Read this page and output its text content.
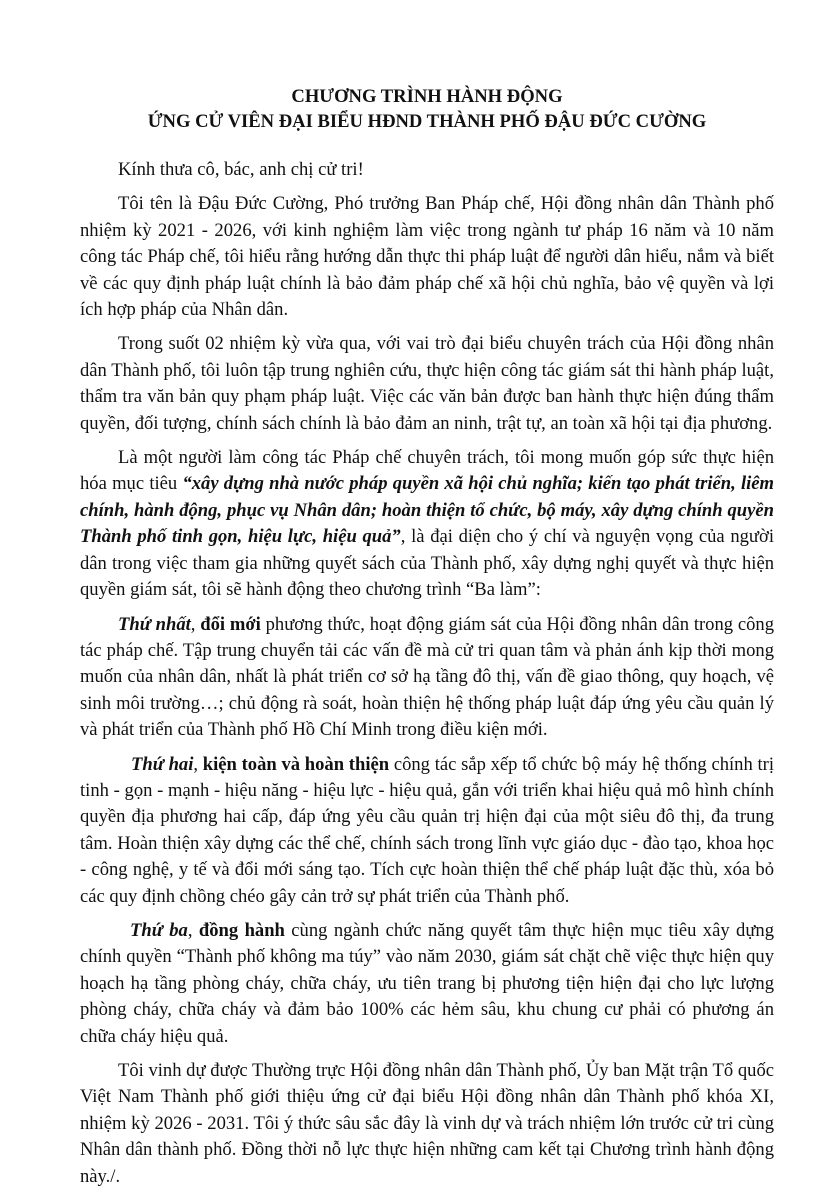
CHƯƠNG TRÌNH HÀNH ĐỘNG
ỨNG CỬ VIÊN ĐẠI BIỂU HĐND THÀNH PHỐ ĐẬU ĐỨC CƯỜNG

Kính thưa cô, bác, anh chị cử tri!

Tôi tên là Đậu Đức Cường, Phó trưởng Ban Pháp chế, Hội đồng nhân dân Thành phố nhiệm kỳ 2021 - 2026, với kinh nghiệm làm việc trong ngành tư pháp 16 năm và 10 năm công tác Pháp chế, tôi hiểu rằng hướng dẫn thực thi pháp luật để người dân hiểu, nắm và biết về các quy định pháp luật chính là bảo đảm pháp chế xã hội chủ nghĩa, bảo vệ quyền và lợi ích hợp pháp của Nhân dân.

Trong suốt 02 nhiệm kỳ vừa qua, với vai trò đại biểu chuyên trách của Hội đồng nhân dân Thành phố, tôi luôn tập trung nghiên cứu, thực hiện công tác giám sát thi hành pháp luật, thẩm tra văn bản quy phạm pháp luật. Việc các văn bản được ban hành thực hiện đúng thẩm quyền, đối tượng, chính sách chính là bảo đảm an ninh, trật tự, an toàn xã hội tại địa phương.

Là một người làm công tác Pháp chế chuyên trách, tôi mong muốn góp sức thực hiện hóa mục tiêu “xây dựng nhà nước pháp quyền xã hội chủ nghĩa; kiến tạo phát triển, liêm chính, hành động, phục vụ Nhân dân; hoàn thiện tổ chức, bộ máy, xây dựng chính quyền Thành phố tinh gọn, hiệu lực, hiệu quả”, là đại diện cho ý chí và nguyện vọng của người dân trong việc tham gia những quyết sách của Thành phố, xây dựng nghị quyết và thực hiện quyền giám sát, tôi sẽ hành động theo chương trình “Ba làm”:

Thứ nhất, đổi mới phương thức, hoạt động giám sát của Hội đồng nhân dân trong công tác pháp chế. Tập trung chuyển tải các vấn đề mà cử tri quan tâm và phản ánh kịp thời mong muốn của nhân dân, nhất là phát triển cơ sở hạ tầng đô thị, vấn đề giao thông, quy hoạch, vệ sinh môi trường…; chủ động rà soát, hoàn thiện hệ thống pháp luật đáp ứng yêu cầu quản lý và phát triển của Thành phố Hồ Chí Minh trong điều kiện mới.

Thứ hai, kiện toàn và hoàn thiện công tác sắp xếp tổ chức bộ máy hệ thống chính trị tinh - gọn - mạnh - hiệu năng - hiệu lực - hiệu quả, gắn với triển khai hiệu quả mô hình chính quyền địa phương hai cấp, đáp ứng yêu cầu quản trị hiện đại của một siêu đô thị, đa trung tâm. Hoàn thiện xây dựng các thể chế, chính sách trong lĩnh vực giáo dục - đào tạo, khoa học - công nghệ, y tế và đổi mới sáng tạo. Tích cực hoàn thiện thể chế pháp luật đặc thù, xóa bỏ các quy định chồng chéo gây cản trở sự phát triển của Thành phố.

Thứ ba, đồng hành cùng ngành chức năng quyết tâm thực hiện mục tiêu xây dựng chính quyền “Thành phố không ma túy” vào năm 2030, giám sát chặt chẽ việc thực hiện quy hoạch hạ tầng phòng cháy, chữa cháy, ưu tiên trang bị phương tiện hiện đại cho lực lượng phòng cháy, chữa cháy và đảm bảo 100% các hẻm sâu, khu chung cư phải có phương án chữa cháy hiệu quả.

Tôi vinh dự được Thường trực Hội đồng nhân dân Thành phố, Ủy ban Mặt trận Tổ quốc Việt Nam Thành phố giới thiệu ứng cử đại biểu Hội đồng nhân dân Thành phố khóa XI, nhiệm kỳ 2026 - 2031. Tôi ý thức sâu sắc đây là vinh dự và trách nhiệm lớn trước cử tri cùng Nhân dân thành phố. Đồng thời nỗ lực thực hiện những cam kết tại Chương trình hành động này./.
